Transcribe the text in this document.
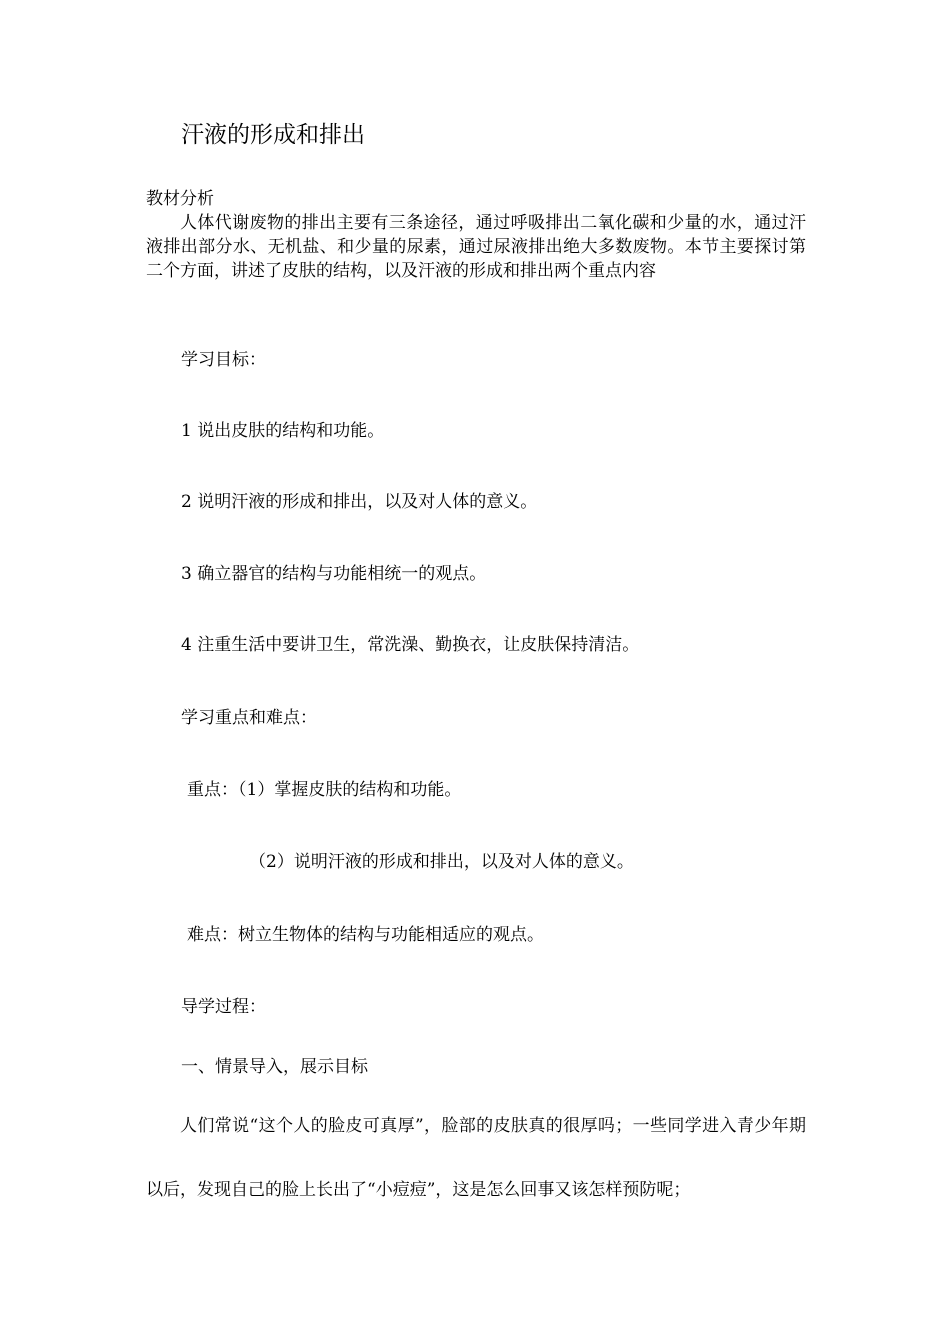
汗液的形成和排出
教材分析
人体代谢废物的排出主要有三条途径，通过呼吸排出二氧化碳和少量的水，通过汗液排出部分水、无机盐、和少量的尿素，通过尿液排出绝大多数废物。本节主要探讨第二个方面，讲述了皮肤的结构，以及汗液的形成和排出两个重点内容
学习目标：
1 说出皮肤的结构和功能。
2 说明汗液的形成和排出，以及对人体的意义。
3 确立器官的结构与功能相统一的观点。
4 注重生活中要讲卫生，常洗澡、勤换衣，让皮肤保持清洁。
学习重点和难点：
重点：（1）掌握皮肤的结构和功能。
（2）说明汗液的形成和排出，以及对人体的意义。
难点：树立生物体的结构与功能相适应的观点。
导学过程：
一、情景导入，展示目标
人们常说“这个人的脸皮可真厚”，脸部的皮肤真的很厚吗；一些同学进入青少年期以后，发现自己的脸上长出了“小痘痘”，这是怎么回事又该怎样预防呢；
